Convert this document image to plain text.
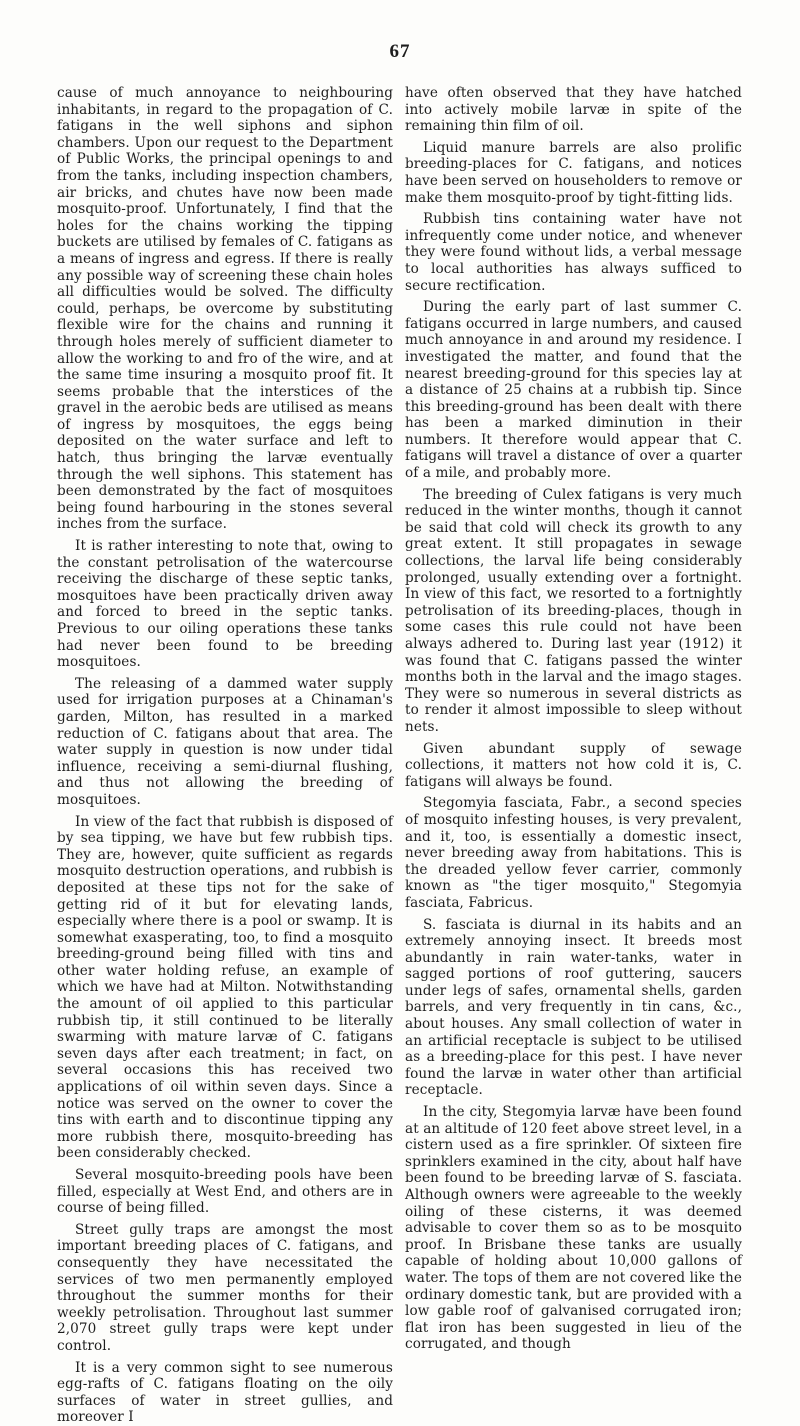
67

cause of much annoyance to neighbouring inhabitants, in regard to the propagation of C. fatigans in the well siphons and siphon chambers. Upon our request to the Department of Public Works, the principal openings to and from the tanks, including inspection chambers, air bricks, and chutes have now been made mosquito-proof. Unfortunately, I find that the holes for the chains working the tipping buckets are utilised by females of C. fatigans as a means of ingress and egress. If there is really any possible way of screening these chain holes all difficulties would be solved. The difficulty could, perhaps, be overcome by substituting flexible wire for the chains and running it through holes merely of sufficient diameter to allow the working to and fro of the wire, and at the same time insuring a mosquito proof fit. It seems probable that the interstices of the gravel in the aerobic beds are utilised as means of ingress by mosquitoes, the eggs being deposited on the water surface and left to hatch, thus bringing the larvæ eventually through the well siphons. This statement has been demonstrated by the fact of mosquitoes being found harbouring in the stones several inches from the surface.

It is rather interesting to note that, owing to the constant petrolisation of the watercourse receiving the discharge of these septic tanks, mosquitoes have been practically driven away and forced to breed in the septic tanks. Previous to our oiling operations these tanks had never been found to be breeding mosquitoes.

The releasing of a dammed water supply used for irrigation purposes at a Chinaman's garden, Milton, has resulted in a marked reduction of C. fatigans about that area. The water supply in question is now under tidal influence, receiving a semi-diurnal flushing, and thus not allowing the breeding of mosquitoes.

In view of the fact that rubbish is disposed of by sea tipping, we have but few rubbish tips. They are, however, quite sufficient as regards mosquito destruction operations, and rubbish is deposited at these tips not for the sake of getting rid of it but for elevating lands, especially where there is a pool or swamp. It is somewhat exasperating, too, to find a mosquito breeding-ground being filled with tins and other water holding refuse, an example of which we have had at Milton. Notwithstanding the amount of oil applied to this particular rubbish tip, it still continued to be literally swarming with mature larvæ of C. fatigans seven days after each treatment; in fact, on several occasions this has received two applications of oil within seven days. Since a notice was served on the owner to cover the tins with earth and to discontinue tipping any more rubbish there, mosquito-breeding has been considerably checked.

Several mosquito-breeding pools have been filled, especially at West End, and others are in course of being filled.

Street gully traps are amongst the most important breeding places of C. fatigans, and consequently they have necessitated the services of two men permanently employed throughout the summer months for their weekly petrolisation. Throughout last summer 2,070 street gully traps were kept under control.

It is a very common sight to see numerous egg-rafts of C. fatigans floating on the oily surfaces of water in street gullies, and moreover I

have often observed that they have hatched into actively mobile larvæ in spite of the remaining thin film of oil.

Liquid manure barrels are also prolific breeding-places for C. fatigans, and notices have been served on householders to remove or make them mosquito-proof by tight-fitting lids.

Rubbish tins containing water have not infrequently come under notice, and whenever they were found without lids, a verbal message to local authorities has always sufficed to secure rectification.

During the early part of last summer C. fatigans occurred in large numbers, and caused much annoyance in and around my residence. I investigated the matter, and found that the nearest breeding-ground for this species lay at a distance of 25 chains at a rubbish tip. Since this breeding-ground has been dealt with there has been a marked diminution in their numbers. It therefore would appear that C. fatigans will travel a distance of over a quarter of a mile, and probably more.

The breeding of Culex fatigans is very much reduced in the winter months, though it cannot be said that cold will check its growth to any great extent. It still propagates in sewage collections, the larval life being considerably prolonged, usually extending over a fortnight. In view of this fact, we resorted to a fortnightly petrolisation of its breeding-places, though in some cases this rule could not have been always adhered to. During last year (1912) it was found that C. fatigans passed the winter months both in the larval and the imago stages. They were so numerous in several districts as to render it almost impossible to sleep without nets.

Given abundant supply of sewage collections, it matters not how cold it is, C. fatigans will always be found.

Stegomyia fasciata, Fabr., a second species of mosquito infesting houses, is very prevalent, and it, too, is essentially a domestic insect, never breeding away from habitations. This is the dreaded yellow fever carrier, commonly known as "the tiger mosquito," Stegomyia fasciata, Fabricus.

S. fasciata is diurnal in its habits and an extremely annoying insect. It breeds most abundantly in rain water-tanks, water in sagged portions of roof guttering, saucers under legs of safes, ornamental shells, garden barrels, and very frequently in tin cans, &c., about houses. Any small collection of water in an artificial receptacle is subject to be utilised as a breeding-place for this pest. I have never found the larvæ in water other than artificial receptacle.

In the city, Stegomyia larvæ have been found at an altitude of 120 feet above street level, in a cistern used as a fire sprinkler. Of sixteen fire sprinklers examined in the city, about half have been found to be breeding larvæ of S. fasciata. Although owners were agreeable to the weekly oiling of these cisterns, it was deemed advisable to cover them so as to be mosquito proof. In Brisbane these tanks are usually capable of holding about 10,000 gallons of water. The tops of them are not covered like the ordinary domestic tank, but are provided with a low gable roof of galvanised corrugated iron; flat iron has been suggested in lieu of the corrugated, and though
